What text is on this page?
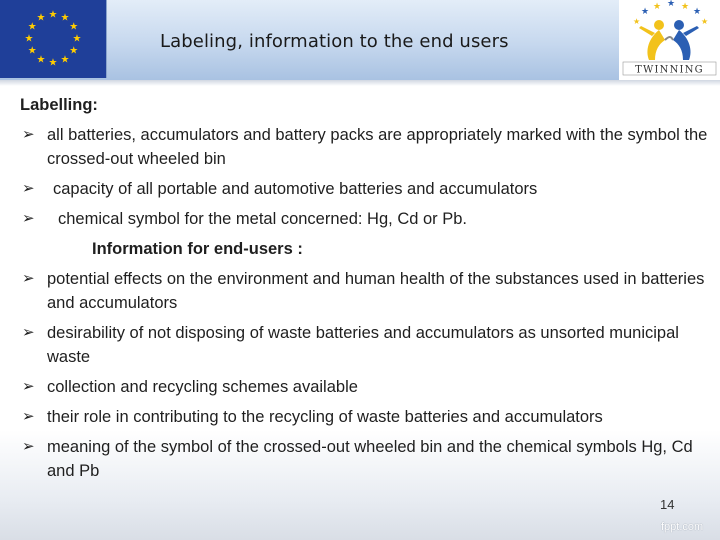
★ ★
★
★
★
★
★
★
★
★
★
★
Labeling, information to the end users
★ ★ ★ ★ ★
★	★
TWINNING
Labelling:
➢ all batteries, accumulators and battery packs are appropriately marked with the symbol the crossed-out wheeled bin
➢ capacity of all portable and automotive batteries and accumulators
➢ chemical symbol for the metal concerned: Hg, Cd or Pb.
Information for end-users :
➢ potential effects on the environment and human health of the substances used in batteries and accumulators
➢ desirability of not disposing of waste batteries and accumulators as unsorted municipal waste
➢ collection and recycling schemes available
➢ their role in contributing to the recycling of waste batteries and accumulators
➢ meaning of the symbol of the crossed-out wheeled bin and the chemical symbols Hg, Cd and Pb
14
fppt.com
